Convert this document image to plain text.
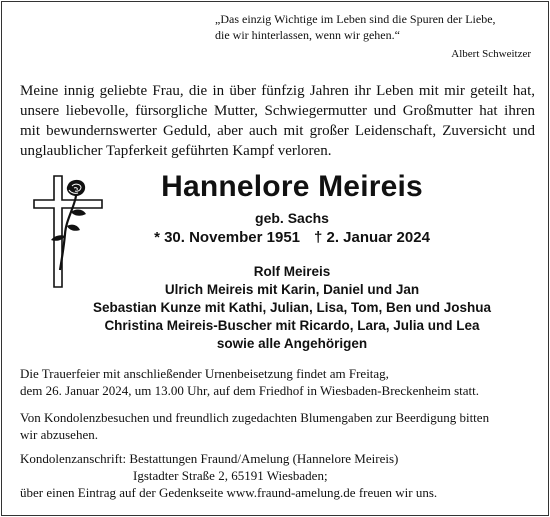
„Das einzig Wichtige im Leben sind die Spuren der Liebe,
die wir hinterlassen, wenn wir gehen.“
Albert Schweitzer
Meine innig geliebte Frau, die in über fünfzig Jahren ihr Leben mit mir geteilt hat,
unsere liebevolle, fürsorgliche Mutter, Schwiegermutter und Großmutter hat ihren
mit bewundernswerter Geduld, aber auch mit großer Leidenschaft, Zuversicht und
unglaublicher Tapferkeit geführten Kampf verloren.
Hannelore Meireis
geb. Sachs
* 30. November 1951 † 2. Januar 2024
Rolf Meireis
Ulrich Meireis mit Karin, Daniel und Jan
Sebastian Kunze mit Kathi, Julian, Lisa, Tom, Ben und Joshua
Christina Meireis-Buscher mit Ricardo, Lara, Julia und Lea
sowie alle Angehörigen
Die Trauerfeier mit anschließender Urnenbeisetzung findet am Freitag,
dem 26. Januar 2024, um 13.00 Uhr, auf dem Friedhof in Wiesbaden-Breckenheim statt.
Von Kondolenzbesuchen und freundlich zugedachten Blumengaben zur Beerdigung bitten
wir abzusehen.
Kondolenzanschrift: Bestattungen Fraund/Amelung (Hannelore Meireis)
Igstadter Straße 2, 65191 Wiesbaden;
über einen Eintrag auf der Gedenkseite www.fraund-amelung.de freuen wir uns.
